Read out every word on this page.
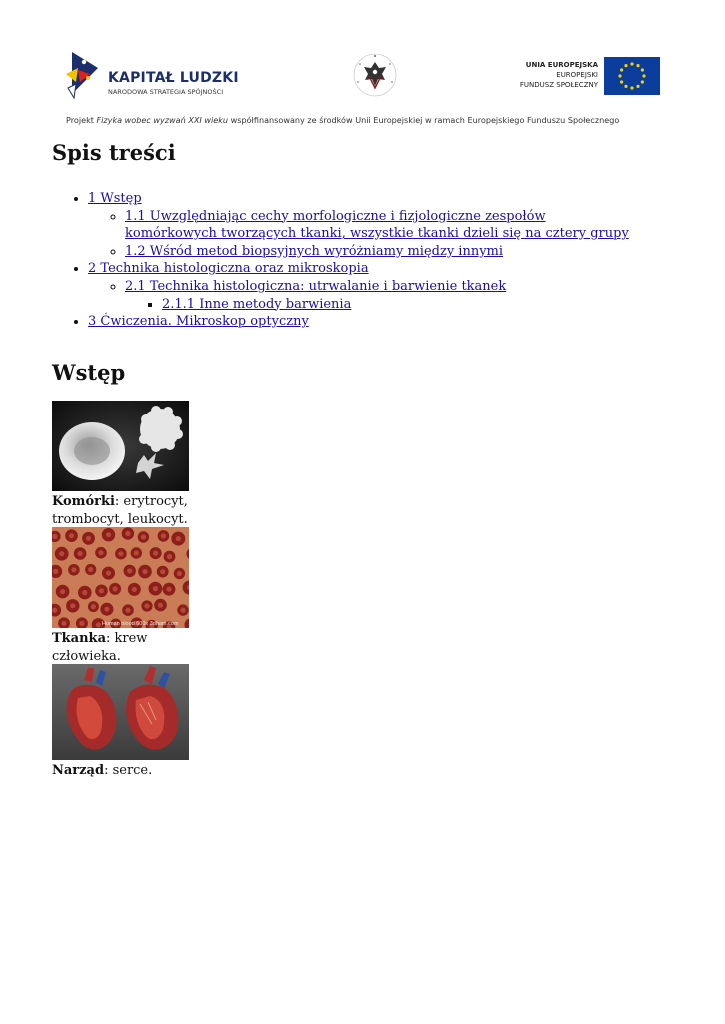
KAPITAŁ LUDZKI
NARODOWA STRATEGIA SPÓJNOŚCI
UNIA EUROPEJSKA
EUROPEJSKI
FUNDUSZ SPOŁECZNY
Projekt Fizyka wobec wyzwań XXI wieku współfinansowany ze środków Unii Europejskiej w ramach Europejskiego Funduszu Społecznego
Spis treści
• 1 Wstęp
◦ 1.1 Uwzględniając cechy morfologiczne i fizjologiczne zespołów komórkowych tworzących tkanki, wszystkie tkanki dzieli się na cztery grupy
◦ 1.2 Wśród metod biopsyjnych wyróżniamy między innymi
• 2 Technika histologiczna oraz mikroskopia
◦ 2.1 Technika histologiczna: utrwalanie i barwienie tkanek
▪ 2.1.1 Inne metody barwienia
• 3 Ćwiczenia. Mikroskop optyczny
Wstęp
Komórki: erytrocyt, trombocyt, leukocyt.
Human blood 600x 3dham.com
Tkanka: krew człowieka.
Narząd: serce.
